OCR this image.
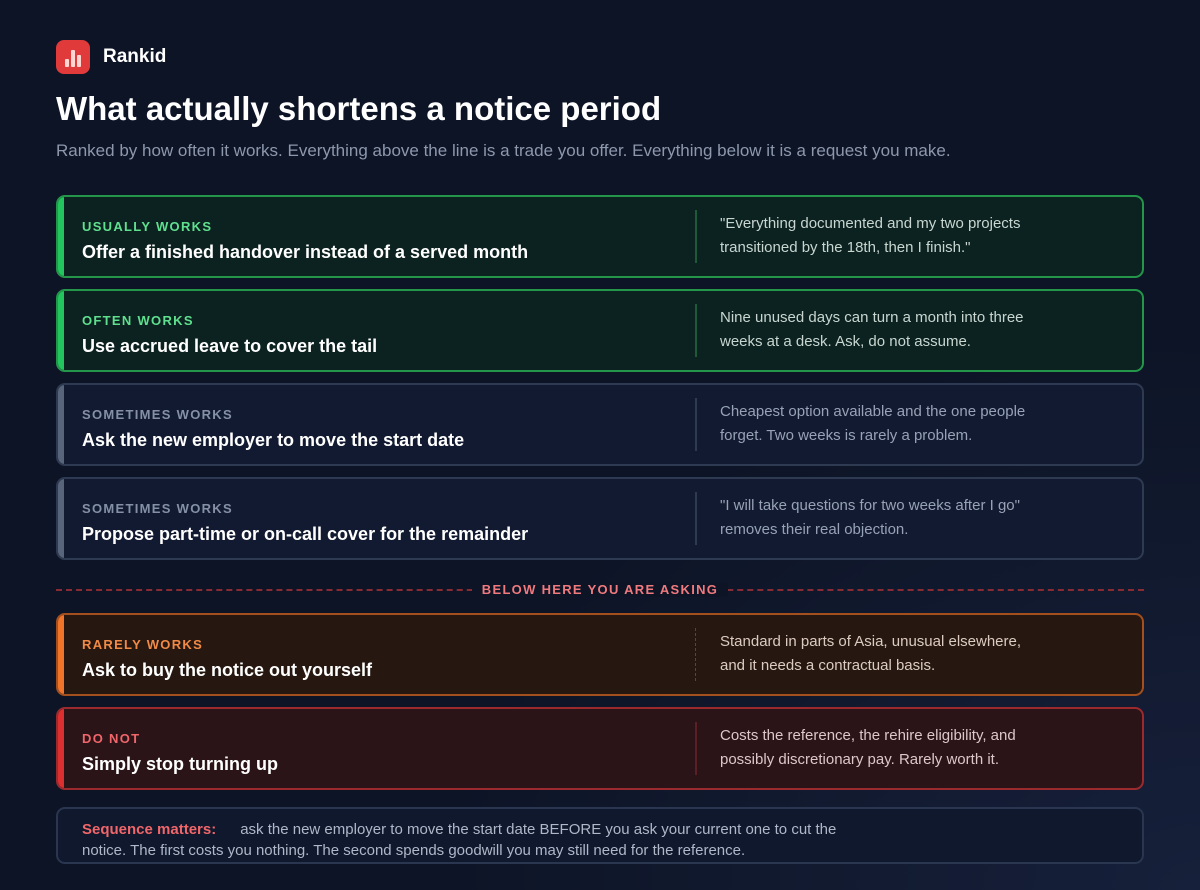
Rankid
What actually shortens a notice period
Ranked by how often it works. Everything above the line is a trade you offer. Everything below it is a request you make.
USUALLY WORKS
Offer a finished handover instead of a served month
"Everything documented and my two projects transitioned by the 18th, then I finish."
OFTEN WORKS
Use accrued leave to cover the tail
Nine unused days can turn a month into three weeks at a desk. Ask, do not assume.
SOMETIMES WORKS
Ask the new employer to move the start date
Cheapest option available and the one people forget. Two weeks is rarely a problem.
SOMETIMES WORKS
Propose part-time or on-call cover for the remainder
"I will take questions for two weeks after I go" removes their real objection.
BELOW HERE YOU ARE ASKING
RARELY WORKS
Ask to buy the notice out yourself
Standard in parts of Asia, unusual elsewhere, and it needs a contractual basis.
DO NOT
Simply stop turning up
Costs the reference, the rehire eligibility, and possibly discretionary pay. Rarely worth it.
Sequence matters: ask the new employer to move the start date BEFORE you ask your current one to cut the notice. The first costs you nothing. The second spends goodwill you may still need for the reference.
